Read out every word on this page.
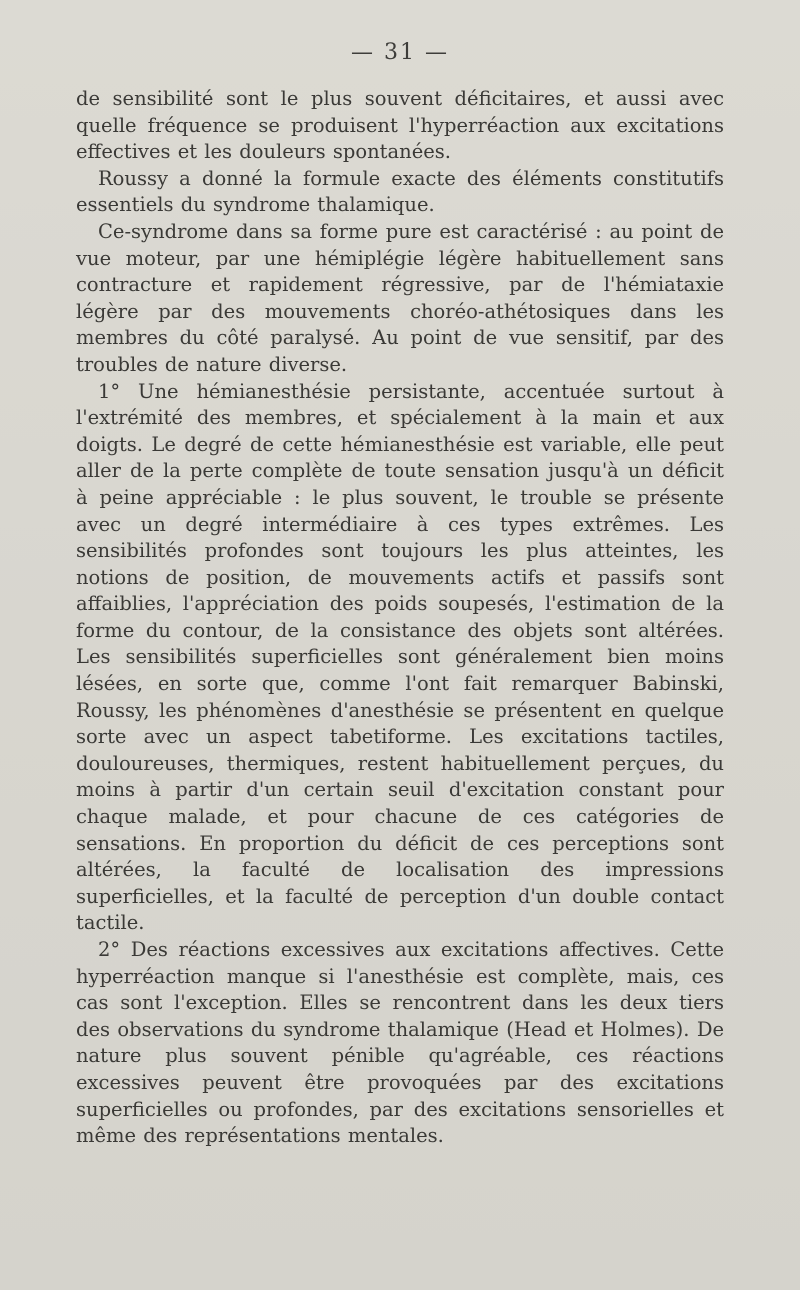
— 31 —

de sensibilité sont le plus souvent déficitaires, et aussi avec quelle fréquence se produisent l'hyperréaction aux excitations effectives et les douleurs spontanées.

Roussy a donné la formule exacte des éléments constitutifs essentiels du syndrome thalamique.

Ce-syndrome dans sa forme pure est caractérisé : au point de vue moteur, par une hémiplégie légère habituellement sans contracture et rapidement régressive, par de l'hémiataxie légère par des mouvements choréo-athétosiques dans les membres du côté paralysé. Au point de vue sensitif, par des troubles de nature diverse.

1° Une hémianesthésie persistante, accentuée surtout à l'extrémité des membres, et spécialement à la main et aux doigts. Le degré de cette hémianesthésie est variable, elle peut aller de la perte complète de toute sensation jusqu'à un déficit à peine appréciable : le plus souvent, le trouble se présente avec un degré intermédiaire à ces types extrêmes. Les sensibilités profondes sont toujours les plus atteintes, les notions de position, de mouvements actifs et passifs sont affaiblies, l'appréciation des poids soupesés, l'estimation de la forme du contour, de la consistance des objets sont altérées. Les sensibilités superficielles sont généralement bien moins lésées, en sorte que, comme l'ont fait remarquer Babinski, Roussy, les phénomènes d'anesthésie se présentent en quelque sorte avec un aspect tabetiforme. Les excitations tactiles, douloureuses, thermiques, restent habituellement perçues, du moins à partir d'un certain seuil d'excitation constant pour chaque malade, et pour chacune de ces catégories de sensations. En proportion du déficit de ces perceptions sont altérées, la faculté de localisation des impressions superficielles, et la faculté de perception d'un double contact tactile.

2° Des réactions excessives aux excitations affectives. Cette hyperréaction manque si l'anesthésie est complète, mais, ces cas sont l'exception. Elles se rencontrent dans les deux tiers des observations du syndrome thalamique (Head et Holmes). De nature plus souvent pénible qu'agréable, ces réactions excessives peuvent être provoquées par des excitations superficielles ou profondes, par des excitations sensorielles et même des représentations mentales.
